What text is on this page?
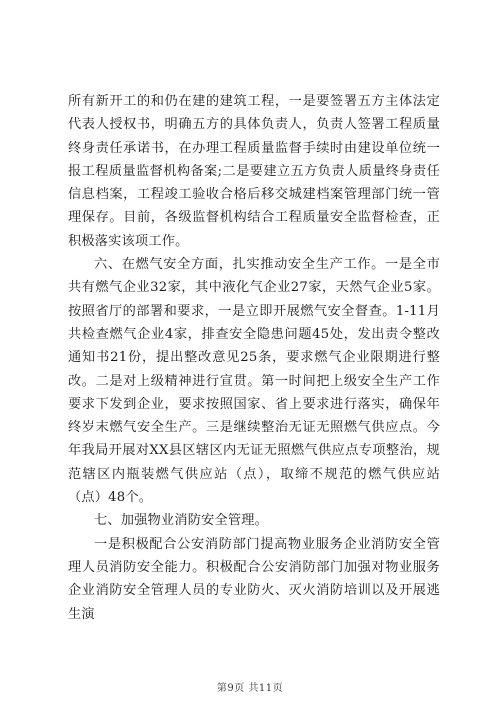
所有新开工的和仍在建的建筑工程，一是要签署五方主体法定代表人授权书，明确五方的具体负责人，负责人签署工程质量终身责任承诺书，在办理工程质量监督手续时由建设单位统一报工程质量监督机构备案;二是要建立五方负责人质量终身责任信息档案，工程竣工验收合格后移交城建档案管理部门统一管理保存。目前，各级监督机构结合工程质量安全监督检查，正积极落实该项工作。

六、在燃气安全方面，扎实推动安全生产工作。一是全市共有燃气企业32家，其中液化气企业27家，天然气企业5家。按照省厅的部署和要求，一是立即开展燃气安全督查。1-11月共检查燃气企业4家，排查安全隐患问题45处，发出责令整改通知书21份，提出整改意见25条，要求燃气企业限期进行整改。二是对上级精神进行宣贯。第一时间把上级安全生产工作要求下发到企业，要求按照国家、省上要求进行落实，确保年终岁末燃气安全生产。三是继续整治无证无照燃气供应点。今年我局开展对XX县区辖区内无证无照燃气供应点专项整治，规范辖区内瓶装燃气供应站（点），取缔不规范的燃气供应站（点）48个。

七、加强物业消防安全管理。

一是积极配合公安消防部门提高物业服务企业消防安全管理人员消防安全能力。积极配合公安消防部门加强对物业服务企业消防安全管理人员的专业防火、灭火消防培训以及开展逃生演

第9页 共11页
